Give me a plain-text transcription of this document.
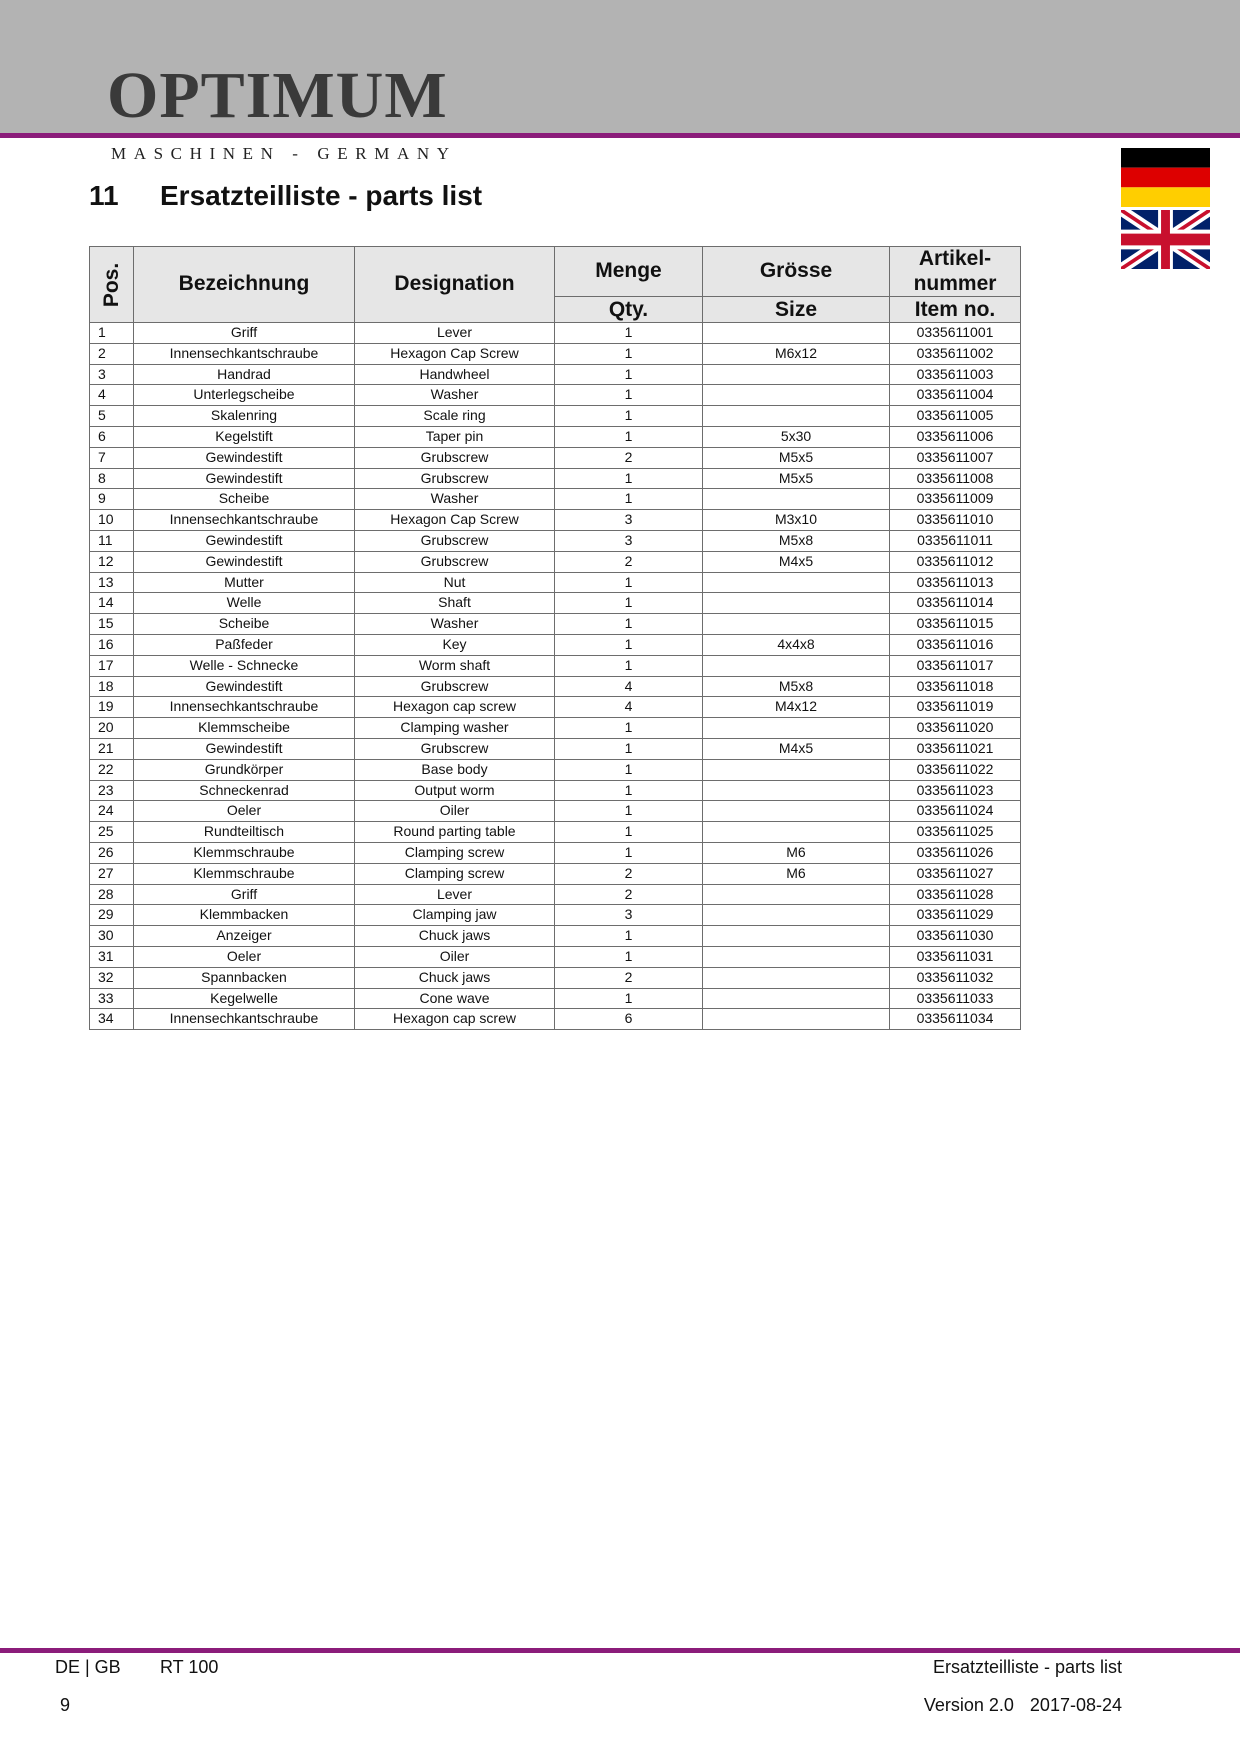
OPTIMUM
MASCHINEN - GERMANY
11 Ersatzteilliste - parts list
Pos.	Bezeichnung	Designation	Menge	Grösse	Artikel-
nummer
			Qty.	Size	Item no.
1	Griff	Lever	1		0335611001
2	Innensechkantschraube	Hexagon Cap Screw	1	M6x12	0335611002
3	Handrad	Handwheel	1		0335611003
4	Unterlegscheibe	Washer	1		0335611004
5	Skalenring	Scale ring	1		0335611005
6	Kegelstift	Taper pin	1	5x30	0335611006
7	Gewindestift	Grubscrew	2	M5x5	0335611007
8	Gewindestift	Grubscrew	1	M5x5	0335611008
9	Scheibe	Washer	1		0335611009
10	Innensechkantschraube	Hexagon Cap Screw	3	M3x10	0335611010
11	Gewindestift	Grubscrew	3	M5x8	0335611011
12	Gewindestift	Grubscrew	2	M4x5	0335611012
13	Mutter	Nut	1		0335611013
14	Welle	Shaft	1		0335611014
15	Scheibe	Washer	1		0335611015
16	Paßfeder	Key	1	4x4x8	0335611016
17	Welle - Schnecke	Worm shaft	1		0335611017
18	Gewindestift	Grubscrew	4	M5x8	0335611018
19	Innensechkantschraube	Hexagon cap screw	4	M4x12	0335611019
20	Klemmscheibe	Clamping washer	1		0335611020
21	Gewindestift	Grubscrew	1	M4x5	0335611021
22	Grundkörper	Base body	1		0335611022
23	Schneckenrad	Output worm	1		0335611023
24	Oeler	Oiler	1		0335611024
25	Rundteiltisch	Round parting table	1		0335611025
26	Klemmschraube	Clamping screw	1	M6	0335611026
27	Klemmschraube	Clamping screw	2	M6	0335611027
28	Griff	Lever	2		0335611028
29	Klemmbacken	Clamping jaw	3		0335611029
30	Anzeiger	Chuck jaws	1		0335611030
31	Oeler	Oiler	1		0335611031
32	Spannbacken	Chuck jaws	2		0335611032
33	Kegelwelle	Cone wave	1		0335611033
34	Innensechkantschraube	Hexagon cap screw	6		0335611034
DE | GB RT 100	Ersatzteilliste - parts list
9	Version 2.0 2017-08-24
